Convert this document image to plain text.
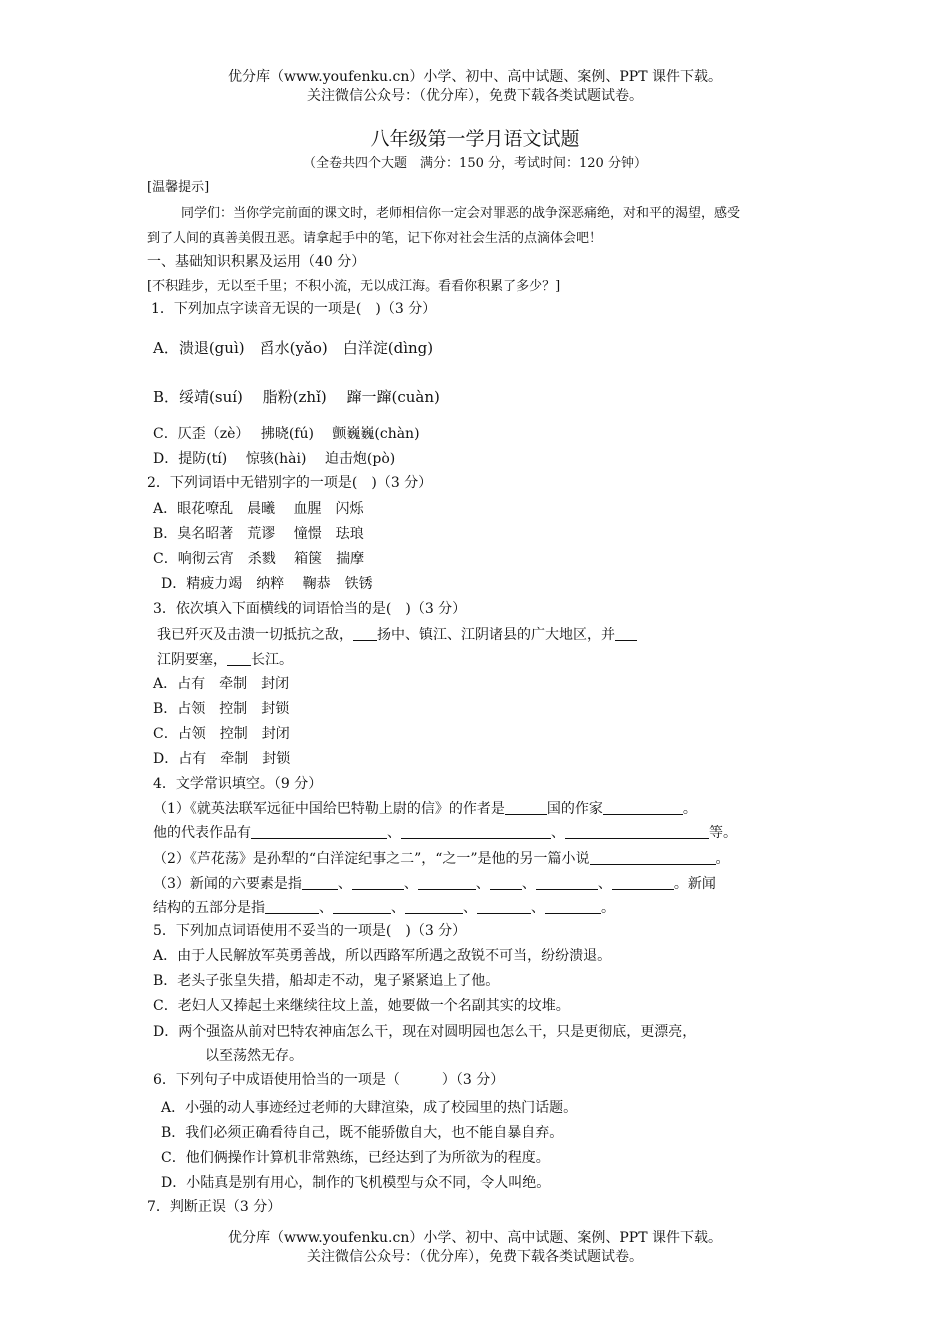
优分库（www.youfenku.cn）小学、初中、高中试题、案例、PPT 课件下载。
关注微信公众号：（优分库），免费下载各类试题试卷。
八年级第一学月语文试题
（全卷共四个大题　满分：150 分，考试时间：120 分钟）
[温馨提示]
同学们：当你学完前面的课文时，老师相信你一定会对罪恶的战争深恶痛绝，对和平的渴望，感受
到了人间的真善美假丑恶。请拿起手中的笔，记下你对社会生活的点滴体会吧！
一、基础知识积累及运用（40 分）
[不积跬步，无以至千里；不积小流，无以成江海。看看你积累了多少？]
1．下列加点字读音无误的一项是(　)（3 分）
A．溃退(guì)　舀水(yǎo)　白洋淀(dìng)
B．绥靖(suí)　 脂粉(zhǐ)　 蹿一蹿(cuàn)
C．仄歪（zè）　 拂晓(fú)　 颤巍巍(chàn)
D．提防(tí)　 惊骇(hài)　 迫击炮(pò)
2．下列词语中无错别字的一项是(　)（3 分）
A．眼花嘹乱　晨曦　 血腥　闪烁
B．臭名昭著　荒谬　 憧憬　珐琅
C．响彻云宵　杀戮　 箱箧　揣摩
D．精疲力竭　纳粹　 鞠恭　铁锈
3．依次填入下面横线的词语恰当的是(　)（3 分）
我已歼灭及击溃一切抵抗之敌， 扬中、镇江、江阴诸县的广大地区，并
江阴要塞， 长江。
A．占有　牵制　封闭
B．占领　控制　封锁
C．占领　控制　封闭
D．占有　牵制　封锁
4．文学常识填空。（9 分）
（1）《就英法联军远征中国给巴特勒上尉的信》的作者是	国的作家	。
他的代表作品有	、	、	等。
（2）《芦花荡》是孙犁的“白洋淀纪事之二”，“之一”是他的另一篇小说	。
（3）新闻的六要素是指	、	、	、 、	、	。新闻
结构的五部分是指	、	、	、	、	。
5．下列加点词语使用不妥当的一项是(　)（3 分）
A．由于人民解放军英勇善战，所以西路军所遇之敌锐不可当，纷纷溃退。
B．老头子张皇失措，船却走不动，鬼子紧紧追上了他。
C．老妇人又捧起土来继续往坟上盖，她要做一个名副其实的坟堆。
D．两个强盗从前对巴特农神庙怎么干，现在对圆明园也怎么干，只是更彻底，更漂亮，
以至荡然无存。
6．下列句子中成语使用恰当的一项是（　　　）（3 分）
A．小强的动人事迹经过老师的大肆渲染，成了校园里的热门话题。
B．我们必须正确看待自己，既不能骄傲自大，也不能自暴自弃。
C．他们俩操作计算机非常熟练，已经达到了为所欲为的程度。
D．小陆真是别有用心，制作的飞机模型与众不同，令人叫绝。
7．判断正误（3 分）
优分库（www.youfenku.cn）小学、初中、高中试题、案例、PPT 课件下载。
关注微信公众号：（优分库），免费下载各类试题试卷。
